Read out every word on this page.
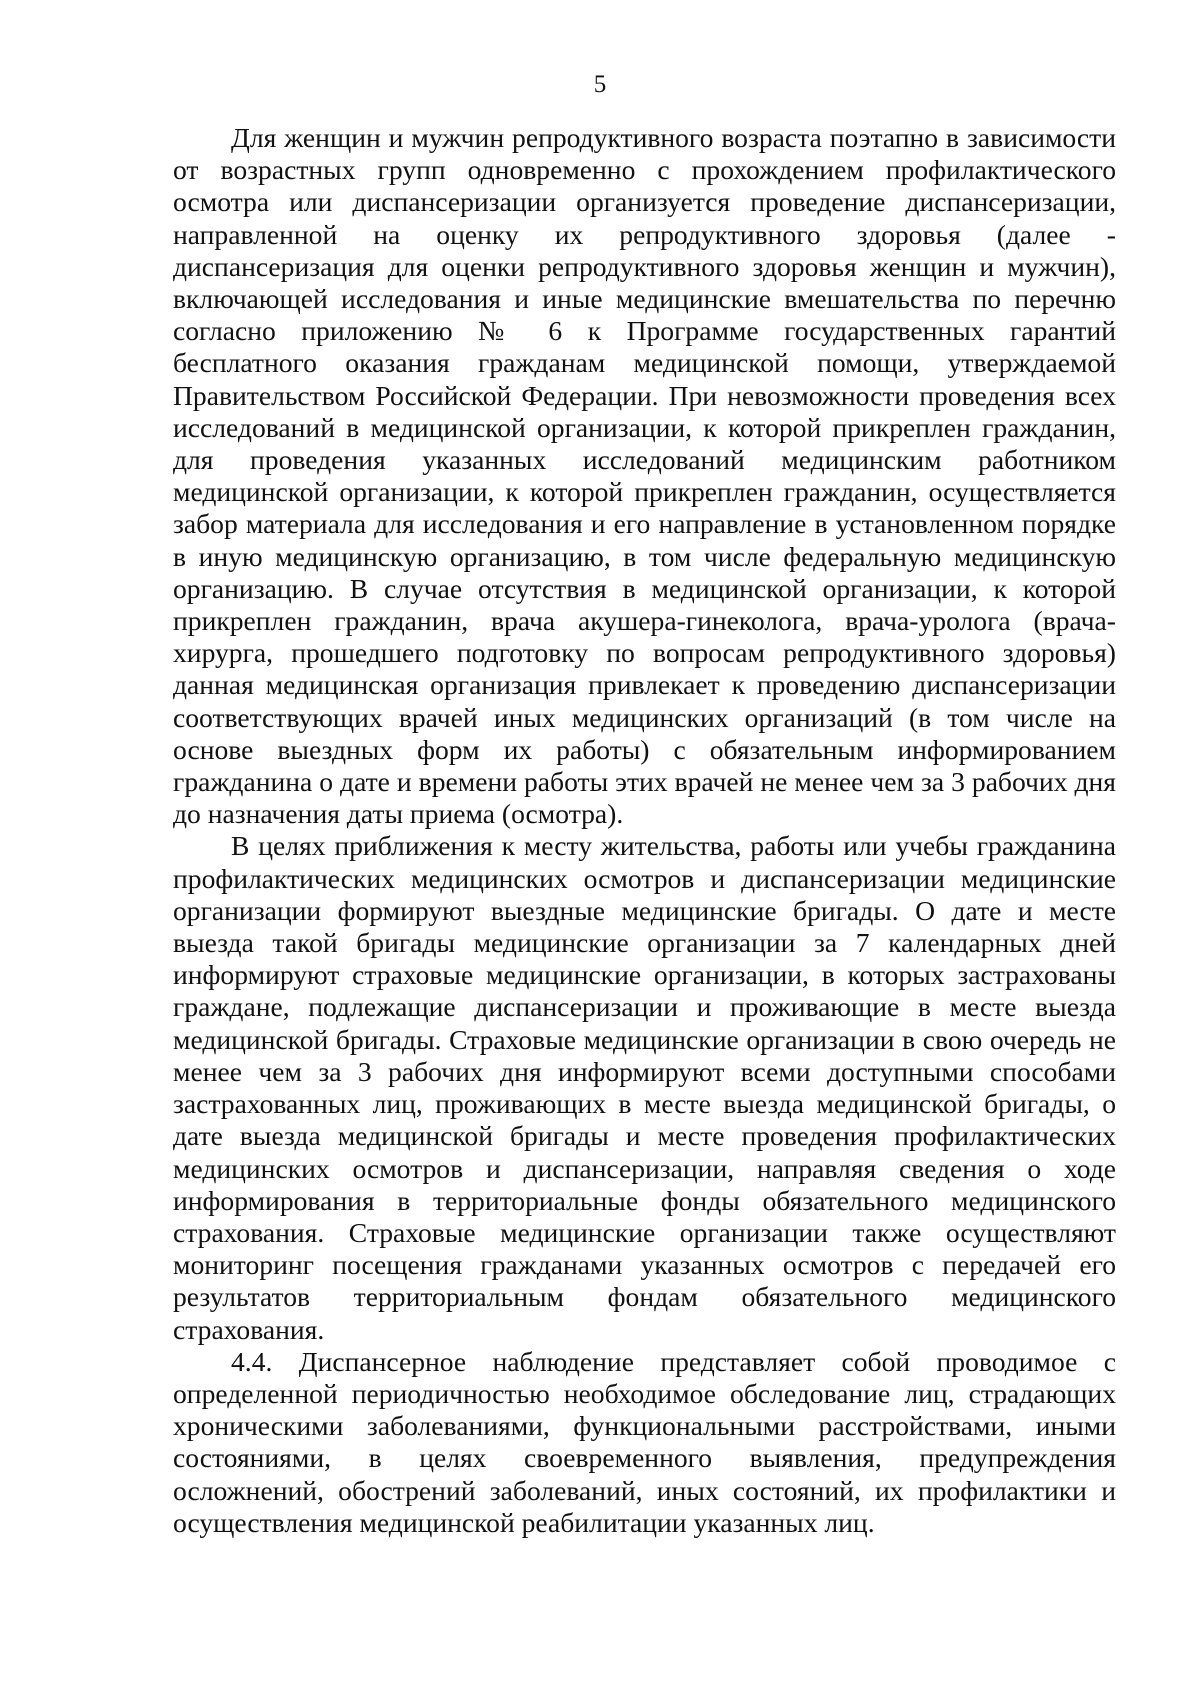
5

Для женщин и мужчин репродуктивного возраста поэтапно в зависимости от возрастных групп одновременно с прохождением профилактического осмотра или диспансеризации организуется проведение диспансеризации, направленной на оценку их репродуктивного здоровья (далее - диспансеризация для оценки репродуктивного здоровья женщин и мужчин), включающей исследования и иные медицинские вмешательства по перечню согласно приложению № 6 к Программе государственных гарантий бесплатного оказания гражданам медицинской помощи, утверждаемой Правительством Российской Федерации. При невозможности проведения всех исследований в медицинской организации, к которой прикреплен гражданин, для проведения указанных исследований медицинским работником медицинской организации, к которой прикреплен гражданин, осуществляется забор материала для исследования и его направление в установленном порядке в иную медицинскую организацию, в том числе федеральную медицинскую организацию. В случае отсутствия в медицинской организации, к которой прикреплен гражданин, врача акушера-гинеколога, врача-уролога (врача-хирурга, прошедшего подготовку по вопросам репродуктивного здоровья) данная медицинская организация привлекает к проведению диспансеризации соответствующих врачей иных медицинских организаций (в том числе на основе выездных форм их работы) с обязательным информированием гражданина о дате и времени работы этих врачей не менее чем за 3 рабочих дня до назначения даты приема (осмотра).

В целях приближения к месту жительства, работы или учебы гражданина профилактических медицинских осмотров и диспансеризации медицинские организации формируют выездные медицинские бригады. О дате и месте выезда такой бригады медицинские организации за 7 календарных дней информируют страховые медицинские организации, в которых застрахованы граждане, подлежащие диспансеризации и проживающие в месте выезда медицинской бригады. Страховые медицинские организации в свою очередь не менее чем за 3 рабочих дня информируют всеми доступными способами застрахованных лиц, проживающих в месте выезда медицинской бригады, о дате выезда медицинской бригады и месте проведения профилактических медицинских осмотров и диспансеризации, направляя сведения о ходе информирования в территориальные фонды обязательного медицинского страхования. Страховые медицинские организации также осуществляют мониторинг посещения гражданами указанных осмотров с передачей его результатов территориальным фондам обязательного медицинского страхования.

4.4. Диспансерное наблюдение представляет собой проводимое с определенной периодичностью необходимое обследование лиц, страдающих хроническими заболеваниями, функциональными расстройствами, иными состояниями, в целях своевременного выявления, предупреждения осложнений, обострений заболеваний, иных состояний, их профилактики и осуществления медицинской реабилитации указанных лиц.
